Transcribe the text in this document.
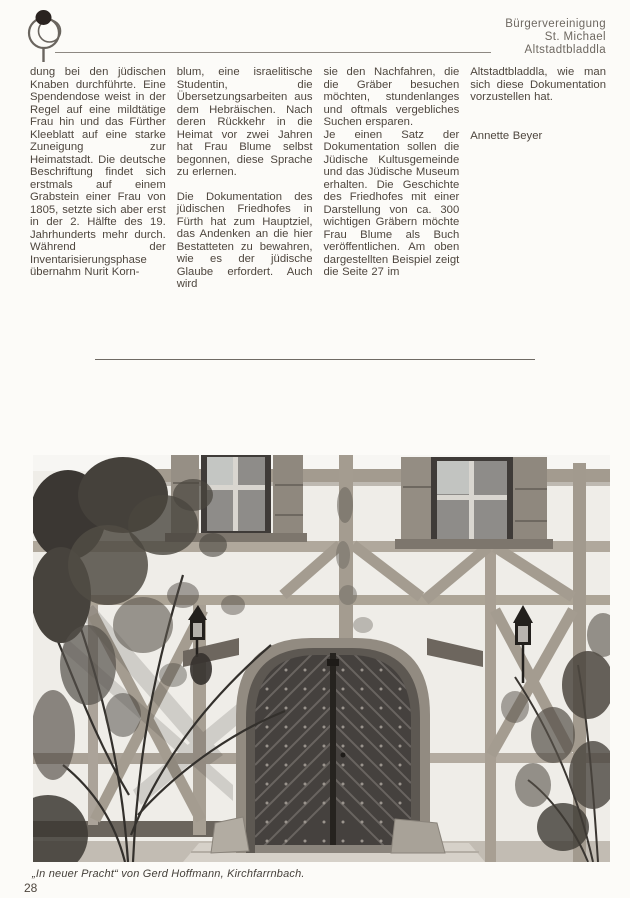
Bürgervereinigung
St. Michael
Altstadtbladdla

dung bei den jüdischen Knaben durchführte. Eine Spendendose weist in der Regel auf eine mildtätige Frau hin und das Fürther Kleeblatt auf eine starke Zuneigung zur Heimatstadt. Die deutsche Beschriftung findet sich erstmals auf einem Grabstein einer Frau von 1805, setzte sich aber erst in der 2. Hälfte des 19. Jahrhunderts mehr durch. Während der Inventarisierungsphase übernahm Nurit Korn-

blum, eine israelitische Studentin, die Übersetzungsarbeiten aus dem Hebräischen. Nach deren Rückkehr in die Heimat vor zwei Jahren hat Frau Blume selbst begonnen, diese Sprache zu erlernen.

Die Dokumentation des jüdischen Friedhofes in Fürth hat zum Hauptziel, das Andenken an die hier Bestatteten zu bewahren, wie es der jüdische Glaube erfordert. Auch wird

sie den Nachfahren, die die Gräber besuchen möchten, stundenlanges und oftmals vergebliches Suchen ersparen.

Je einen Satz der Dokumentation sollen die Jüdische Kultusgemeinde und das Jüdische Museum erhalten. Die Geschichte des Friedhofes mit einer Darstellung von ca. 300 wichtigen Gräbern möchte Frau Blume als Buch veröffentlichen. Am oben dargestellten Beispiel zeigt die Seite 27 im

Altstadtbladdla, wie man sich diese Dokumentation vorzustellen hat.

Annette Beyer
„In neuer Pracht“ von Gerd Hoffmann, Kirchfarrnbach.
28
